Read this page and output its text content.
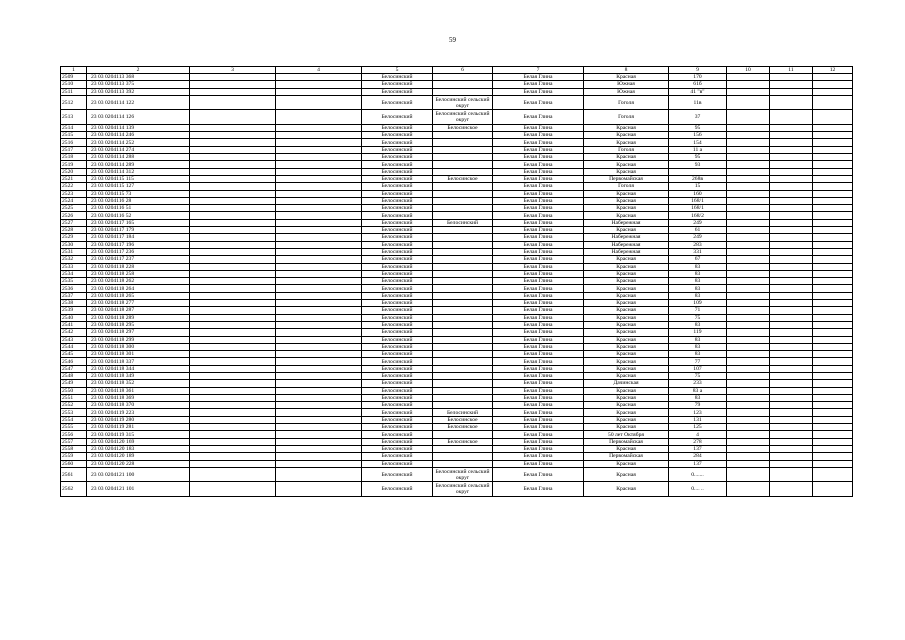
59
1	2	3	4	5	6	7	8	9	10	11	12
2509	23 03 0204113 368			Белосинский		Белая Глина	Красная	170			
2510	23 03 0204113 375			Белосинский		Белая Глина	Южная	61б			
2511	23 03 0204113 392			Белосинский		Белая Глина	Южная	41 "в"			
2512	23 03 0204114 122			Белосинский	Белосинский сельский округ	Белая Глина	Гоголя	11в			
2513	23 03 0204114 126			Белосинский	Белосинский сельский округ	Белая Глина	Гоголя	37			
2514	23 03 0204114 139			Белосинский	Белосинское	Белая Глина	Красная	95			
2515	23 03 0204114 246			Белосинский		Белая Глина	Красная	156			
2516	23 03 0204114 252			Белосинский		Белая Глина	Красная	154			
2517	23 03 0204114 274			Белосинский		Белая Глина	Гоголя	11 а			
2518	23 03 0204114 288			Белосинский		Белая Глина	Красная	95			
2519	23 03 0204114 289			Белосинский		Белая Глина	Красная	93			
2520	23 03 0204114 312			Белосинский		Белая Глина	Красная				
2521	23 03 0204115 115			Белосинский	Белосинское	Белая Глина	Первомайская	268в			
2522	23 03 0204115 127			Белосинский		Белая Глина	Гоголя	15			
2523	23 03 0204115 73			Белосинский		Белая Глина	Красная	160			
2524	23 03 0204116 28			Белосинский		Белая Глина	Красная	168/1			
2525	23 03 0204116 51			Белосинский		Белая Глина	Красная	168/1			
2526	23 03 0204116 52			Белосинский		Белая Глина	Красная	168/2			
2527	23 03 0204117 165			Белосинский	Белосинский	Белая Глина	Набережная	249			
2528	23 03 0204117 179			Белосинский		Белая Глина	Красная	61			
2529	23 03 0204117 184			Белосинский		Белая Глина	Набережная	249			
2530	23 03 0204117 196			Белосинский		Белая Глина	Набережная	283			
2531	23 03 0204117 236			Белосинский		Белая Глина	Набережная	331			
2532	23 03 0204117 237			Белосинский		Белая Глина	Красная	67			
2533	23 03 0204118 228			Белосинский		Белая Глина	Красная	83			
2534	23 03 0204118 258			Белосинский		Белая Глина	Красная	83			
2535	23 03 0204118 262			Белосинский		Белая Глина	Красная	83			
2536	23 03 0204118 264			Белосинский		Белая Глина	Красная	83			
2537	23 03 0204118 265			Белосинский		Белая Глина	Красная	83			
2538	23 03 0204118 277			Белосинский		Белая Глина	Красная	109			
2539	23 03 0204118 287			Белосинский		Белая Глина	Красная	71			
2540	23 03 0204118 289			Белосинский		Белая Глина	Красная	75			
2541	23 03 0204118 295			Белосинский		Белая Глина	Красная	83			
2542	23 03 0204118 297			Белосинский		Белая Глина	Красная	119			
2543	23 03 0204118 299			Белосинский		Белая Глина	Красная	83			
2544	23 03 0204118 300			Белосинский		Белая Глина	Красная	83			
2545	23 03 0204118 301			Белосинский		Белая Глина	Красная	83			
2546	23 03 0204118 337			Белосинский		Белая Глина	Красная	77			
2547	23 03 0204118 344			Белосинский		Белая Глина	Красная	107			
2548	23 03 0204118 349			Белосинский		Белая Глина	Красная	75			
2549	23 03 0204118 352			Белосинский		Белая Глина	Дачинская	233			
2550	23 03 0204118 361			Белосинский		Белая Глина	Красная	83 а			
2551	23 03 0204118 369			Белосинский		Белая Глина	Красная	83			
2552	23 03 0204118 370			Белосинский		Белая Глина	Красная	79			
2553	23 03 0204119 223			Белосинский	Белосинский	Белая Глина	Красная	123			
2554	23 03 0204119 280			Белосинский	Белосинское	Белая Глина	Красная	131			
2555	23 03 0204119 281			Белосинский	Белосинское	Белая Глина	Красная	125			
2556	23 03 0204119 315			Белосинский		Белая Глина	50 лет Октября	4			
2557	23 03 0204120 169			Белосинский	Белосинское	Белая Глина	Первомайская	278			
2558	23 03 0204120 183			Белосинский		Белая Глина	Красная	137			
2559	23 03 0204120 189			Белосинский		Белая Глина	Первомайская	284			
2560	23 03 0204120 228			Белосинский		Белая Глина	Красная	137			
2561	23 03 0204121 100			Белосинский	Белосинский сельский округ	Белая Глина	Красная	0.......			
2562	23 03 0204121 101			Белосинский	Белосинский сельский округ	Белая Глина	Красная	0.... ..			
